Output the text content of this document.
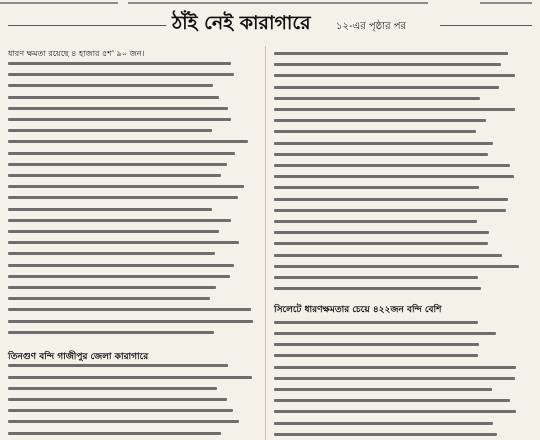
ঠাঁই নেই কারাগারে	১২-এর পৃষ্ঠার পর
ধারণ ক্ষমতা রয়েছে ৪ হাজার ৫শ' ৯০ জন।
তিনগুণ বন্দি গাজীপুর জেলা কারাগারে
সিলেটে ধারণক্ষমতার চেয়ে ৪২২জন বন্দি বেশি
